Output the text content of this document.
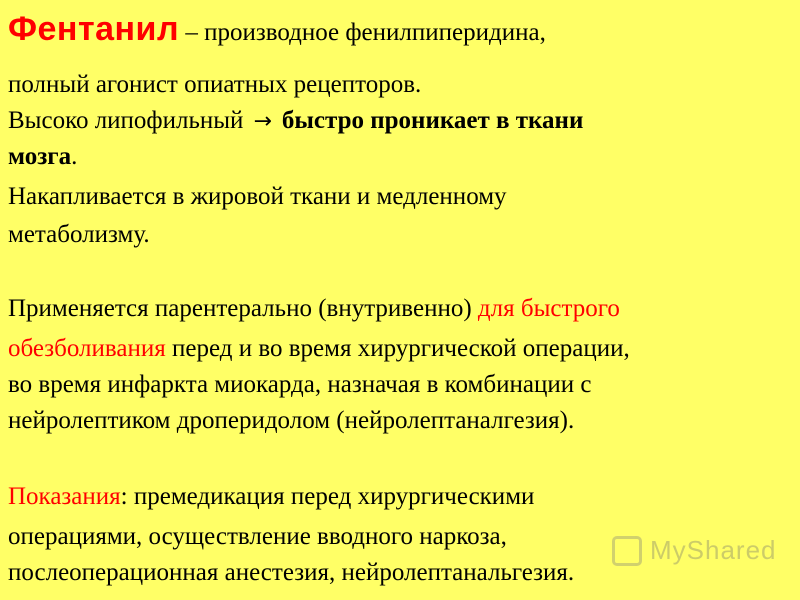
Фентанил – производное фенилпиперидина,
полный агонист опиатных рецепторов.
Высоко липофильный → быстро проникает в ткани
мозга.
Накапливается в жировой ткани и медленному
метаболизму.
Применяется парентерально (внутривенно) для быстрого
обезболивания перед и во время хирургической операции,
во время инфаркта миокарда, назначая в комбинации с
нейролептиком дроперидолом (нейролептаналгезия).
Показания: премедикация перед хирургическими
операциями, осуществление вводного наркоза,
послеоперационная анестезия, нейролептанальгезия.
MyShared
